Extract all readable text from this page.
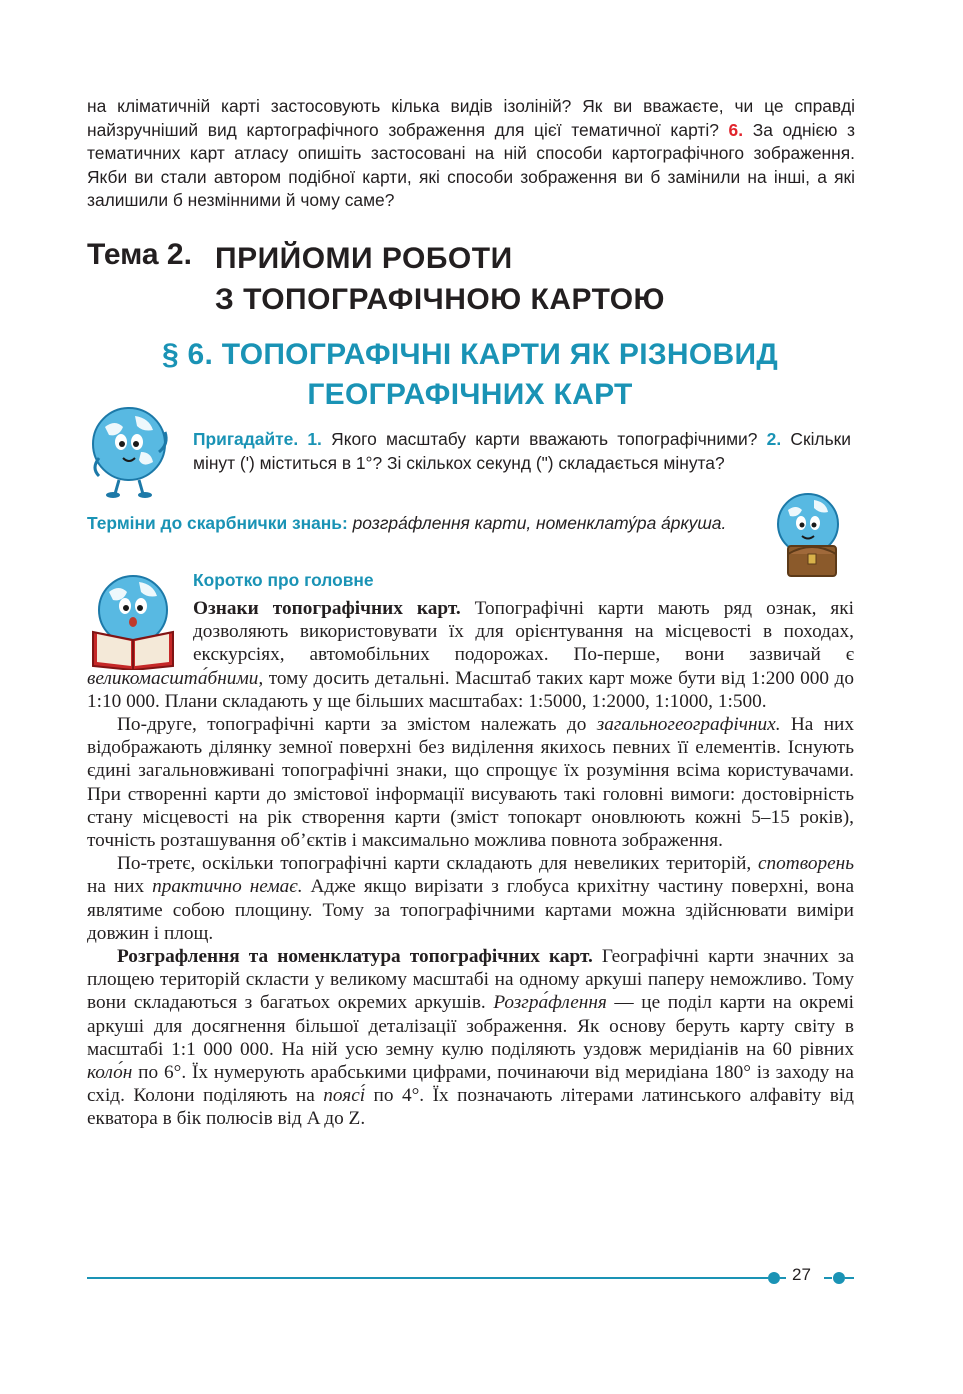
на кліматичній карті застосовують кілька видів ізоліній? Як ви вважаєте, чи це справді найзручніший вид картографічного зображення для цієї тематичної карті? 6. За однією з тематичних карт атласу опишіть застосовані на ній способи картографічного зображення. Якби ви стали автором подібної карти, які способи зображення ви б замінили на інші, а які залишили б незмінними й чому саме?
Тема 2. ПРИЙОМИ РОБОТИ
З ТОПОГРАФІЧНОЮ КАРТОЮ
§ 6. ТОПОГРАФІЧНІ КАРТИ ЯК РІЗНОВИД
ГЕОГРАФІЧНИХ КАРТ
Пригадайте. 1. Якого масштабу карти вважають топографічними? 2. Скільки мінут (') міститься в 1°? Зі скількох секунд (") складається мінута?
Терміни до скарбнички знань: розгра́флення карти, номенклату́ра а́ркуша.
Коротко про головне

Ознаки топографічних карт. Топографічні карти мають ряд ознак, які дозволяють використовувати їх для орієнтування на місцевості в походах, екскурсіях, автомобільних подорожах. По-перше, вони зазвичай є великомасшта́бними, тому досить детальні. Масштаб таких карт може бути від 1:200 000 до 1:10 000. Плани складають у ще більших масштабах: 1:5000, 1:2000, 1:1000, 1:500.

По-друге, топографічні карти за змістом належать до загальногеографічних. На них відображають ділянку земної поверхні без виділення якихось певних її елементів. Існують єдині загальновживані топографічні знаки, що спрощує їх розуміння всіма користувачами. При створенні карти до змістової інформації висувають такі головні вимоги: достовірність стану місцевості на рік створення карти (зміст топокарт оновлюють кожні 5–15 років), точність розташування об’єктів і максимально можлива повнота зображення.

По-третє, оскільки топографічні карти складають для невеликих територій, спотворень на них практично немає. Адже якщо вирізати з глобуса крихітну частину поверхні, вона являтиме собою площину. Тому за топографічними картами можна здійснювати виміри довжин і площ.

Розграфлення та номенклатура топографічних карт. Географічні карти значних за площею територій скласти у великому масштабі на одному аркуші паперу неможливо. Тому вони складаються з багатьох окремих аркушів. Розгра́флення — це поділ карти на окремі аркуші для досягнення більшої деталізації зображення. Як основу беруть карту світу в масштабі 1:1 000 000. На ній усю земну кулю поділяють уздовж меридіанів на 60 рівних коло́н по 6°. Їх нумерують арабськими цифрами, починаючи від меридіана 180° із заходу на схід. Колони поділяють на поясі́ по 4°. Їх позначають літерами латинського алфавіту від екватора в бік полюсів від A до Z.

27
